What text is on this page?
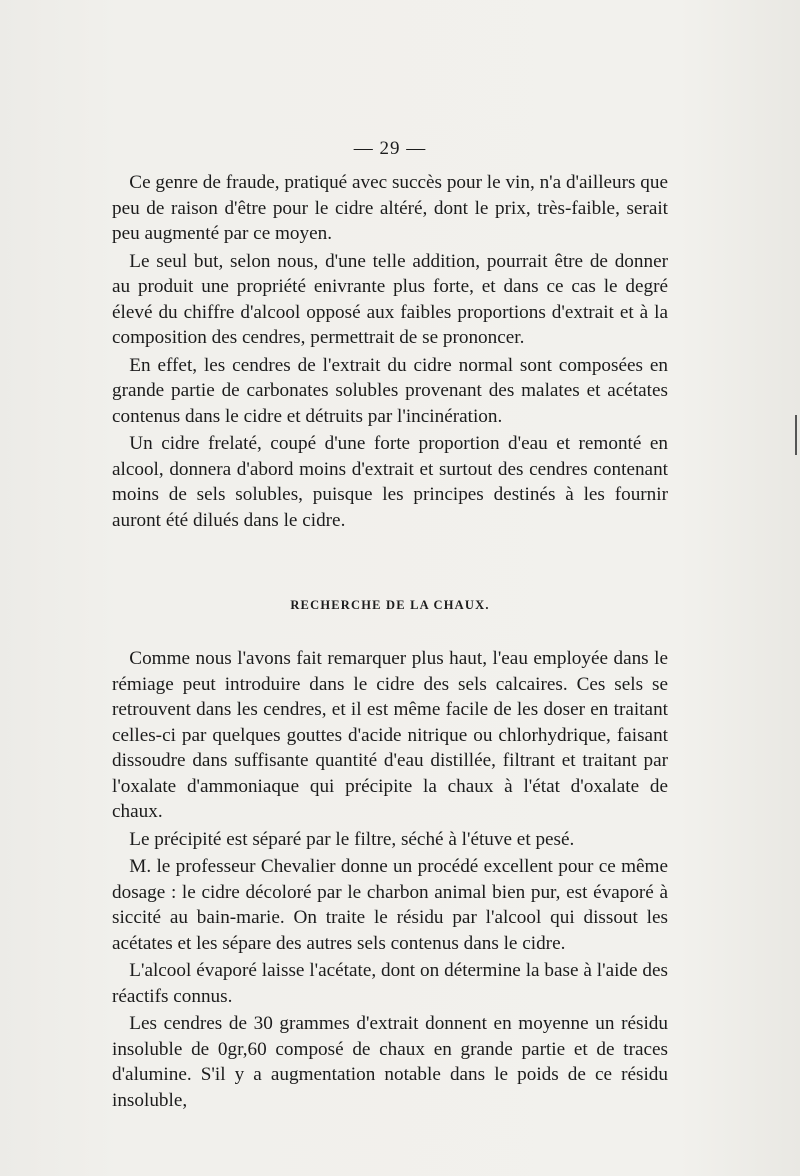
— 29 —

Ce genre de fraude, pratiqué avec succès pour le vin, n'a d'ailleurs que peu de raison d'être pour le cidre altéré, dont le prix, très-faible, serait peu augmenté par ce moyen.

Le seul but, selon nous, d'une telle addition, pourrait être de donner au produit une propriété enivrante plus forte, et dans ce cas le degré élevé du chiffre d'alcool opposé aux faibles proportions d'extrait et à la composition des cendres, permettrait de se prononcer.

En effet, les cendres de l'extrait du cidre normal sont composées en grande partie de carbonates solubles provenant des malates et acétates contenus dans le cidre et détruits par l'incinération.

Un cidre frelaté, coupé d'une forte proportion d'eau et remonté en alcool, donnera d'abord moins d'extrait et surtout des cendres contenant moins de sels solubles, puisque les principes destinés à les fournir auront été dilués dans le cidre.

RECHERCHE DE LA CHAUX.

Comme nous l'avons fait remarquer plus haut, l'eau employée dans le rémiage peut introduire dans le cidre des sels calcaires. Ces sels se retrouvent dans les cendres, et il est même facile de les doser en traitant celles-ci par quelques gouttes d'acide nitrique ou chlorhydrique, faisant dissoudre dans suffisante quantité d'eau distillée, filtrant et traitant par l'oxalate d'ammoniaque qui précipite la chaux à l'état d'oxalate de chaux.

Le précipité est séparé par le filtre, séché à l'étuve et pesé.

M. le professeur Chevalier donne un procédé excellent pour ce même dosage : le cidre décoloré par le charbon animal bien pur, est évaporé à siccité au bain-marie. On traite le résidu par l'alcool qui dissout les acétates et les sépare des autres sels contenus dans le cidre.

L'alcool évaporé laisse l'acétate, dont on détermine la base à l'aide des réactifs connus.

Les cendres de 30 grammes d'extrait donnent en moyenne un résidu insoluble de 0gr,60 composé de chaux en grande partie et de traces d'alumine. S'il y a augmentation notable dans le poids de ce résidu insoluble,
